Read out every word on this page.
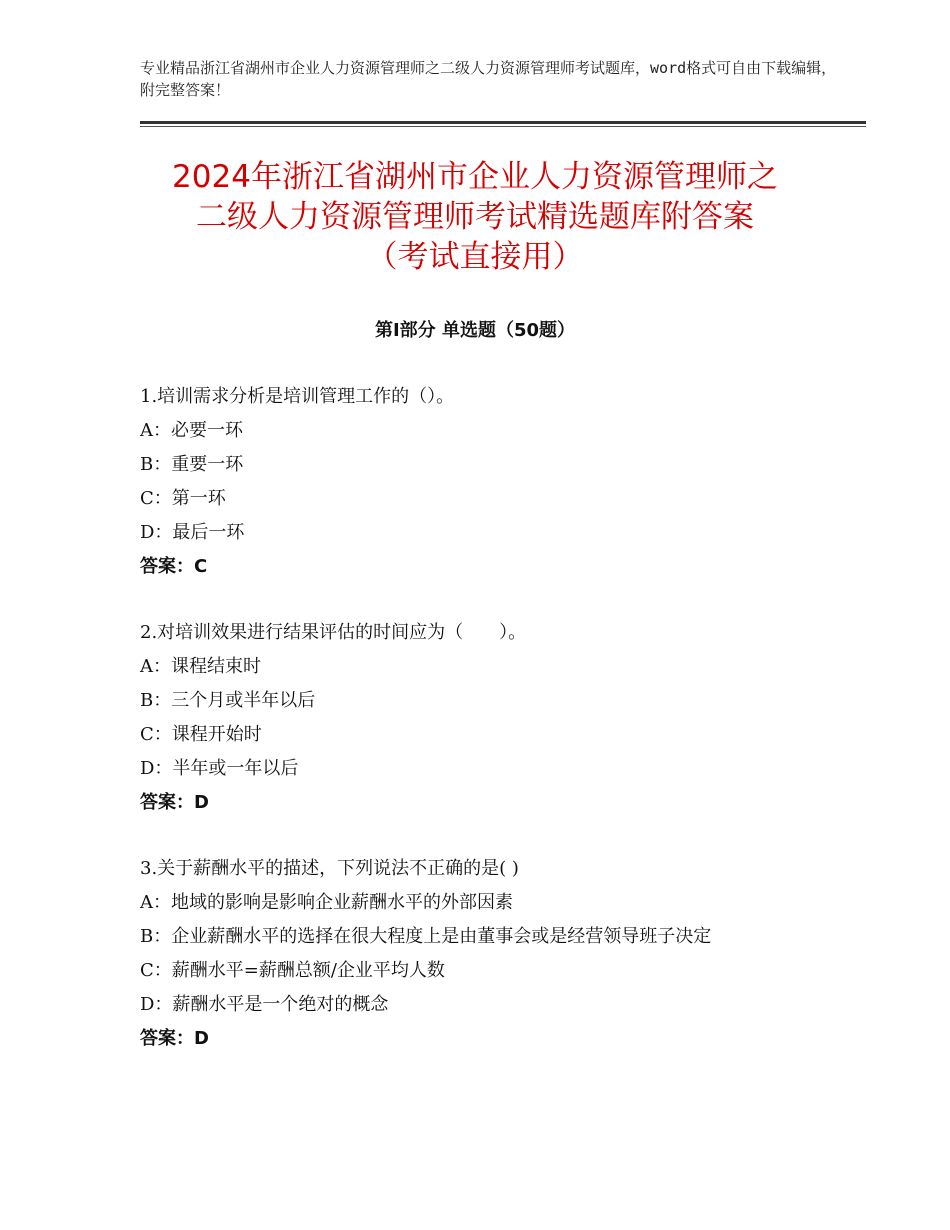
专业精品浙江省湖州市企业人力资源管理师之二级人力资源管理师考试题库，word格式可自由下载编辑，附完整答案！
2024年浙江省湖州市企业人力资源管理师之
二级人力资源管理师考试精选题库附答案
（考试直接用）
第Ⅰ部分 单选题（50题）
1.培训需求分析是培训管理工作的（）。
A：必要一环
B：重要一环
C：第一环
D：最后一环
答案：C
2.对培训效果进行结果评估的时间应为（　　）。
A：课程结束时
B：三个月或半年以后
C：课程开始时
D：半年或一年以后
答案：D
3.关于薪酬水平的描述，下列说法不正确的是( )
A：地域的影响是影响企业薪酬水平的外部因素
B：企业薪酬水平的选择在很大程度上是由董事会或是经营领导班子决定
C：薪酬水平=薪酬总额/企业平均人数
D：薪酬水平是一个绝对的概念
答案：D
